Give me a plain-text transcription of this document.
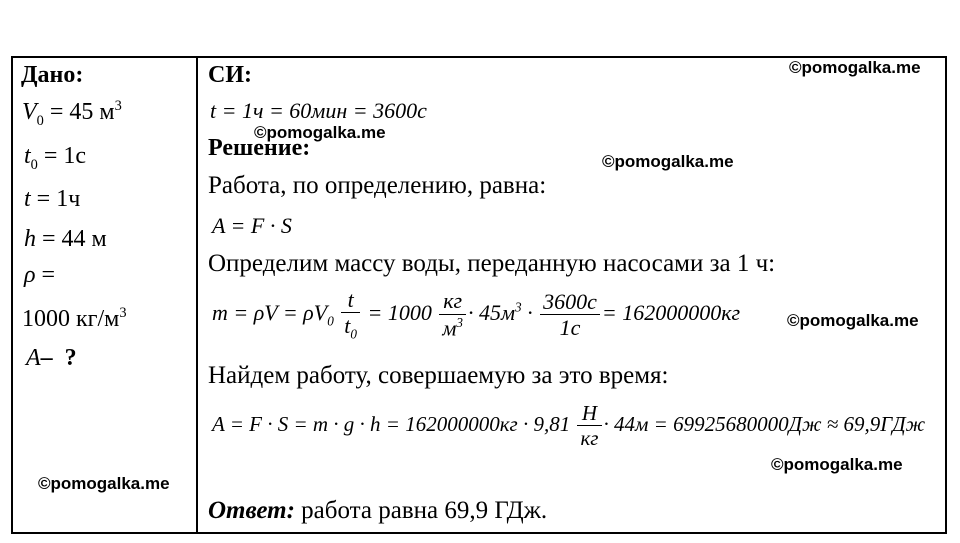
©pomogalka.me
©pomogalka.me
©pomogalka.me
©pomogalka.me
©pomogalka.me
©pomogalka.me
Дано:
$V_0 = 45$ $м^3$
$t_0 = 1с$
t = 1ч
h = 44 м
ρ =
1000 $кг/м^3$
A– ?
СИ:
t = 1ч = 60мин = 3600с
Решение:
Работа, по определению, равна:
A = F · S
Определим массу воды, переданную насосами за 1 ч:
$m = \rho V = \rho V_0 \frac{t}{t_0} = 1000 \frac{кг}{м^3} \cdot 45м^3 \cdot \frac{3600с}{1с} = 162000000кг$
Найдем работу, совершаемую за это время:
$A = F \cdot S = m \cdot g \cdot h = 162000000кг \cdot 9,81 \frac{Н}{кг} \cdot 44м = 69925680000Дж \approx 69,9ГДж$
Ответ: работа равна 69,9 ГДж.
